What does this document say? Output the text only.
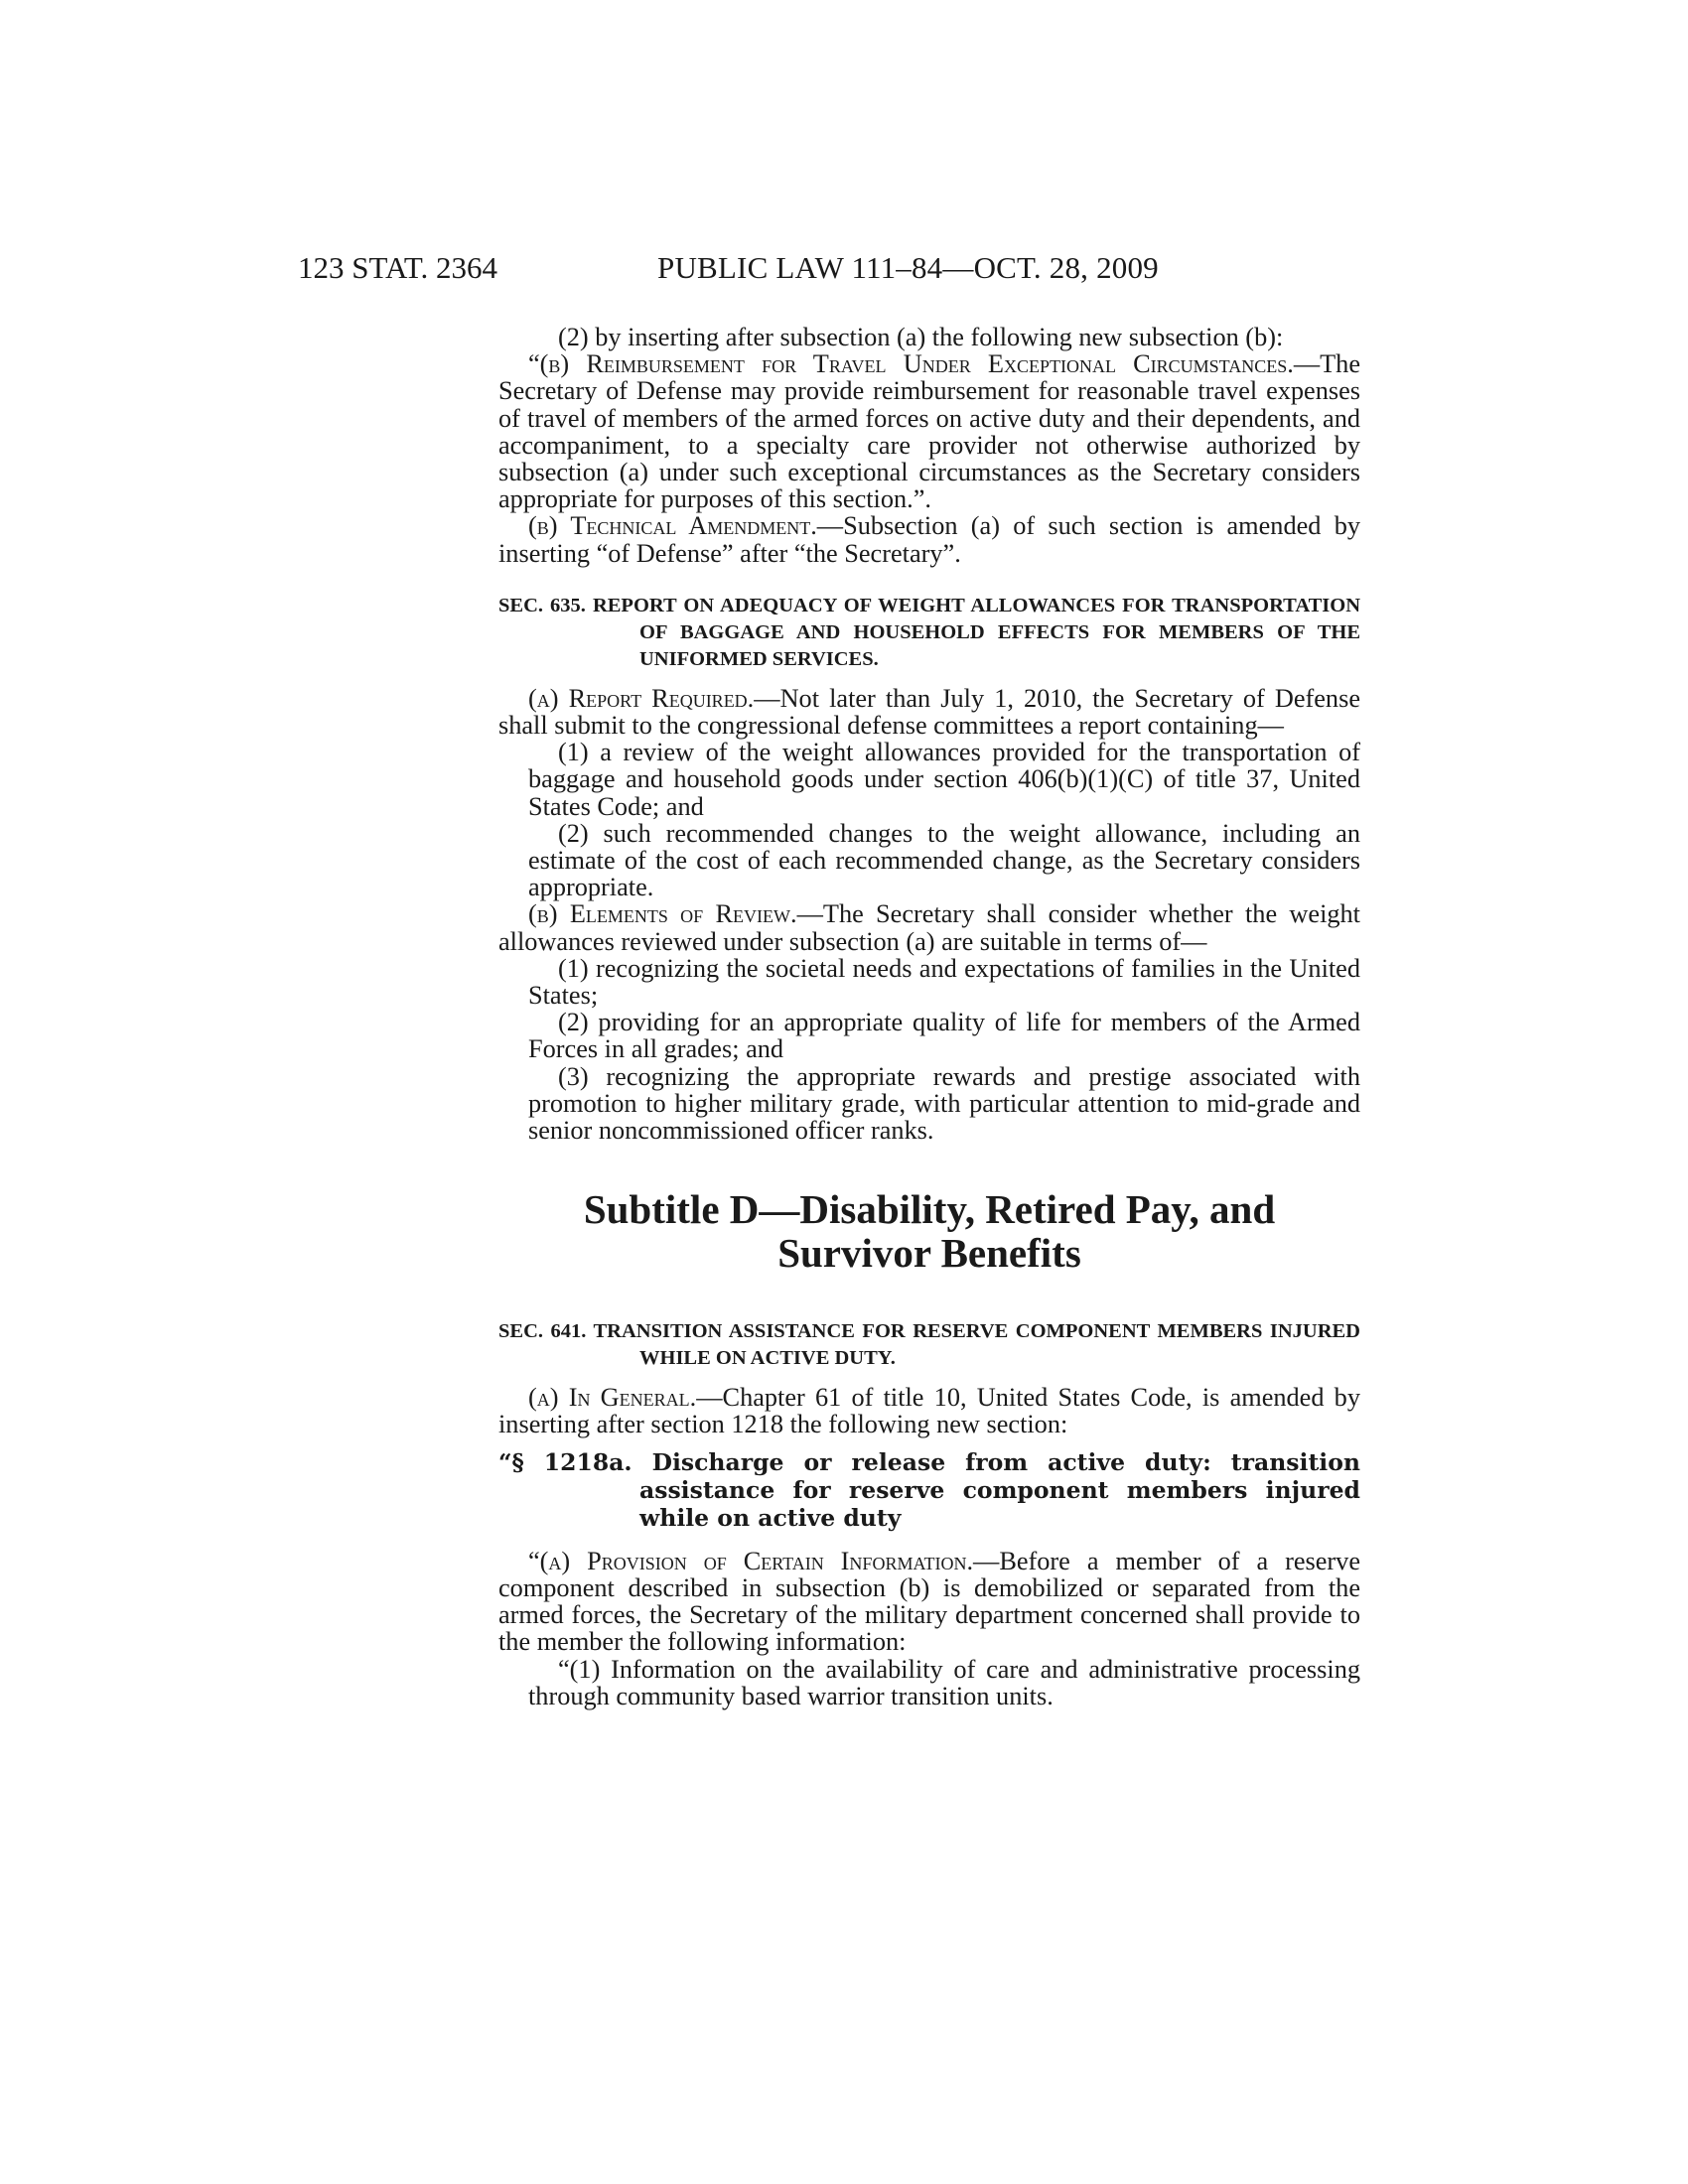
123 STAT. 2364	PUBLIC LAW 111–84—OCT. 28, 2009

(2) by inserting after subsection (a) the following new subsection (b):

“(b) Reimbursement for Travel Under Exceptional Circumstances.—The Secretary of Defense may provide reimbursement for reasonable travel expenses of travel of members of the armed forces on active duty and their dependents, and accompaniment, to a specialty care provider not otherwise authorized by subsection (a) under such exceptional circumstances as the Secretary considers appropriate for purposes of this section.”.

(b) Technical Amendment.—Subsection (a) of such section is amended by inserting “of Defense” after “the Secretary”.

SEC. 635. REPORT ON ADEQUACY OF WEIGHT ALLOWANCES FOR TRANSPORTATION OF BAGGAGE AND HOUSEHOLD EFFECTS FOR MEMBERS OF THE UNIFORMED SERVICES.

(a) Report Required.—Not later than July 1, 2010, the Secretary of Defense shall submit to the congressional defense committees a report containing—

(1) a review of the weight allowances provided for the transportation of baggage and household goods under section 406(b)(1)(C) of title 37, United States Code; and

(2) such recommended changes to the weight allowance, including an estimate of the cost of each recommended change, as the Secretary considers appropriate.

(b) Elements of Review.—The Secretary shall consider whether the weight allowances reviewed under subsection (a) are suitable in terms of—

(1) recognizing the societal needs and expectations of families in the United States;

(2) providing for an appropriate quality of life for members of the Armed Forces in all grades; and

(3) recognizing the appropriate rewards and prestige associated with promotion to higher military grade, with particular attention to mid-grade and senior noncommissioned officer ranks.

Subtitle D—Disability, Retired Pay, and
Survivor Benefits

SEC. 641. TRANSITION ASSISTANCE FOR RESERVE COMPONENT MEMBERS INJURED WHILE ON ACTIVE DUTY.

(a) In General.—Chapter 61 of title 10, United States Code, is amended by inserting after section 1218 the following new section:

“§ 1218a. Discharge or release from active duty: transition assistance for reserve component members injured while on active duty

“(a) Provision of Certain Information.—Before a member of a reserve component described in subsection (b) is demobilized or separated from the armed forces, the Secretary of the military department concerned shall provide to the member the following information:

“(1) Information on the availability of care and administrative processing through community based warrior transition units.
